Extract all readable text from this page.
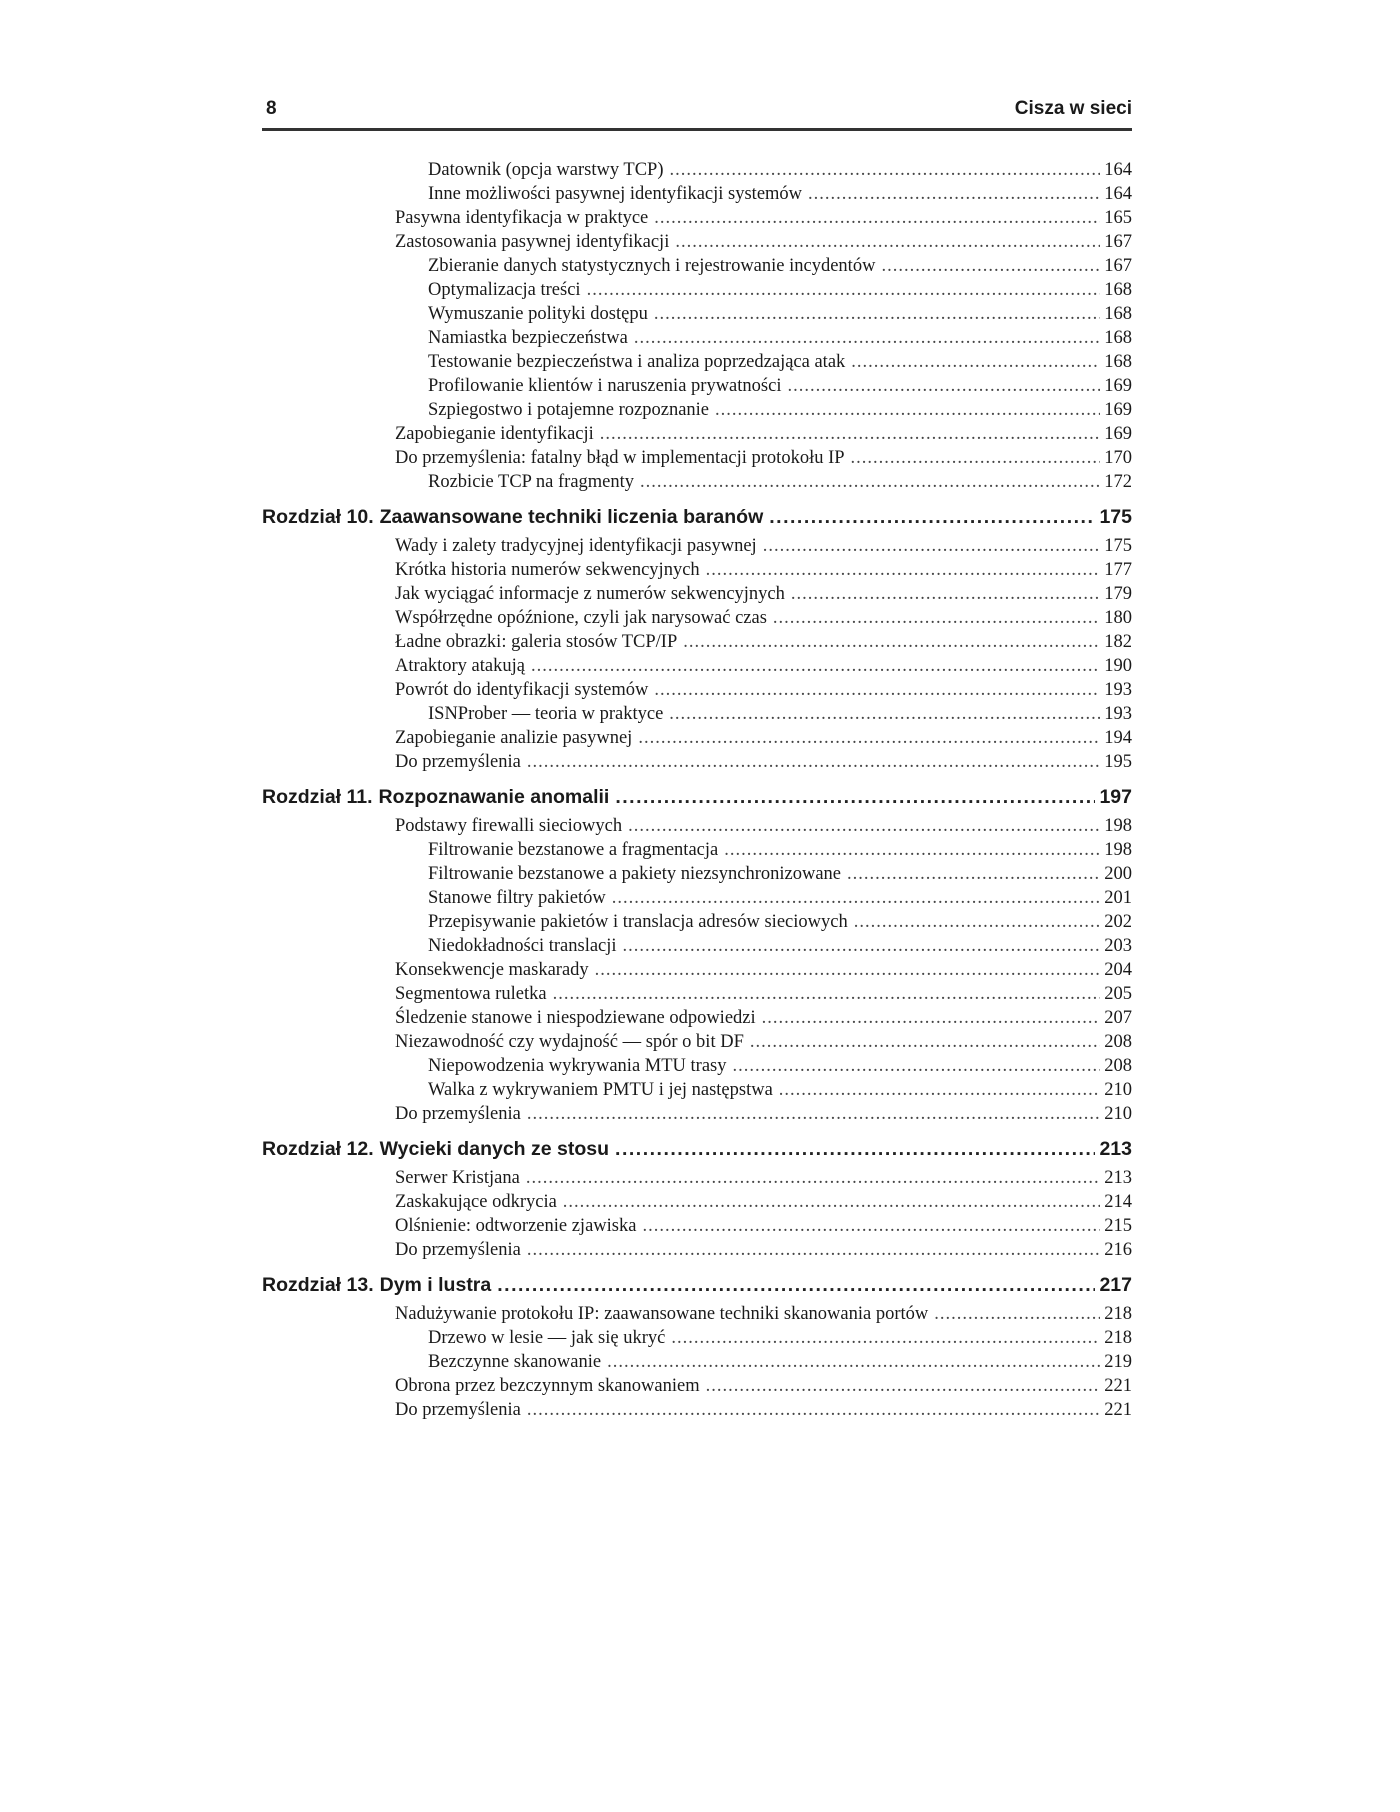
8	Cisza w sieci
Datownik (opcja warstwy TCP) .....	164
Inne możliwości pasywnej identyfikacji systemów .....	164
Pasywna identyfikacja w praktyce .....	165
Zastosowania pasywnej identyfikacji .....	167
Zbieranie danych statystycznych i rejestrowanie incydentów .....	167
Optymalizacja treści .....	168
Wymuszanie polityki dostępu .....	168
Namiastka bezpieczeństwa .....	168
Testowanie bezpieczeństwa i analiza poprzedzająca atak .....	168
Profilowanie klientów i naruszenia prywatności .....	169
Szpiegostwo i potajemne rozpoznanie .....	169
Zapobieganie identyfikacji .....	169
Do przemyślenia: fatalny błąd w implementacji protokołu IP .....	170
Rozbicie TCP na fragmenty .....	172
Rozdział 10. Zaawansowane techniki liczenia baranów .....	175
Wady i zalety tradycyjnej identyfikacji pasywnej .....	175
Krótka historia numerów sekwencyjnych .....	177
Jak wyciągać informacje z numerów sekwencyjnych .....	179
Współrzędne opóźnione, czyli jak narysować czas .....	180
Ładne obrazki: galeria stosów TCP/IP .....	182
Atraktory atakują .....	190
Powrót do identyfikacji systemów .....	193
ISNProber — teoria w praktyce .....	193
Zapobieganie analizie pasywnej .....	194
Do przemyślenia .....	195
Rozdział 11. Rozpoznawanie anomalii .....	197
Podstawy firewalli sieciowych .....	198
Filtrowanie bezstanowe a fragmentacja .....	198
Filtrowanie bezstanowe a pakiety niezsynchronizowane .....	200
Stanowe filtry pakietów .....	201
Przepisywanie pakietów i translacja adresów sieciowych .....	202
Niedokładności translacji .....	203
Konsekwencje maskarady .....	204
Segmentowa ruletka .....	205
Śledzenie stanowe i niespodziewane odpowiedzi .....	207
Niezawodność czy wydajność — spór o bit DF .....	208
Niepowodzenia wykrywania MTU trasy .....	208
Walka z wykrywaniem PMTU i jej następstwa .....	210
Do przemyślenia .....	210
Rozdział 12. Wycieki danych ze stosu .....	213
Serwer Kristjana .....	213
Zaskakujące odkrycia .....	214
Olśnienie: odtworzenie zjawiska .....	215
Do przemyślenia .....	216
Rozdział 13. Dym i lustra .....	217
Nadużywanie protokołu IP: zaawansowane techniki skanowania portów .....	218
Drzewo w lesie — jak się ukryć .....	218
Bezczynne skanowanie .....	219
Obrona przez bezczynnym skanowaniem .....	221
Do przemyślenia .....	221
